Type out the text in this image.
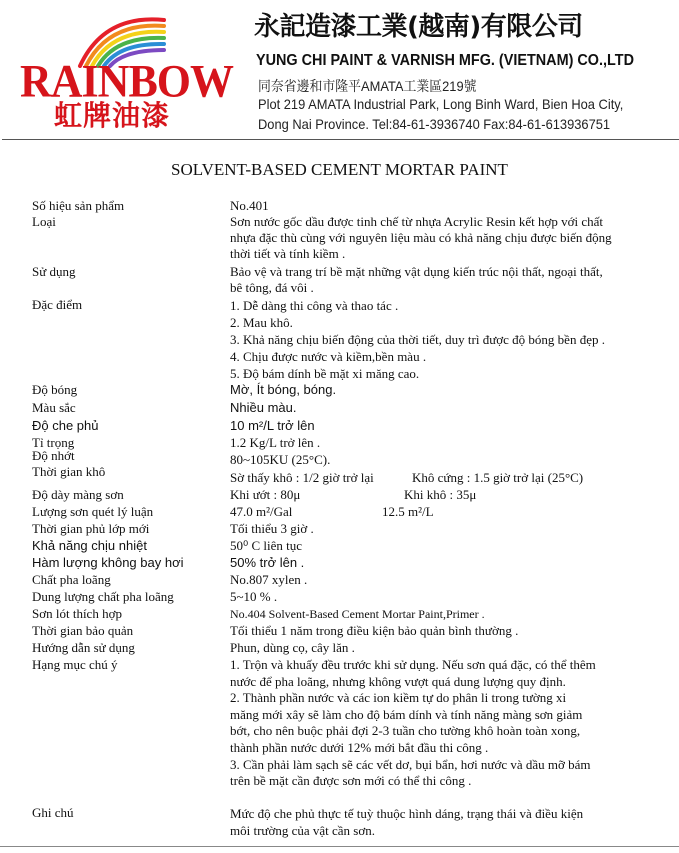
RAINBOW
虹牌油漆
永記造漆工業(越南)有限公司
YUNG CHI PAINT & VARNISH MFG. (VIETNAM) CO.,LTD
同奈省邊和市隆平AMATA工業區219號
Plot 219 AMATA Industrial Park, Long Binh Ward, Bien Hoa City,
Dong Nai Province. Tel:84-61-3936740 Fax:84-61-613936751
SOLVENT-BASED CEMENT MORTAR PAINT
Số hiệu sản phẩm	No.401
Loại	Sơn nước gốc dầu được tinh chế từ nhựa Acrylic Resin kết hợp với chất
nhựa đặc thù cùng với nguyên liệu màu có khả năng chịu được biến động
thời tiết và tính kiềm .
Sử dụng	Bảo vệ và trang trí bề mặt những vật dụng kiến trúc nội thất, ngoại thất,
bê tông, đá vôi .
Đặc điểm	1. Dễ dàng thi công và thao tác .
2. Mau khô.
3. Khả năng chịu biến động của thời tiết, duy trì được độ bóng bền đẹp .
4. Chịu được nước và kiềm,bền màu .
5. Độ bám dính bề mặt xi măng cao.
Độ bóng	Mờ, Ít bóng, bóng.
Màu sắc	Nhiều màu.
Độ che phủ	10 m²/L trở lên
Tỉ trọng	1.2 Kg/L trở lên .
Độ nhớt	80~105KU (25°C).
Thời gian khô	Sờ thấy khô : 1/2 giờ trở lại	Khô cứng : 1.5 giờ trở lại (25°C)
Độ dày màng sơn	Khi ướt : 80μ	Khi khô : 35μ
Lượng sơn quét lý luận	47.0 m²/Gal	12.5 m²/L
Thời gian phủ lớp mới	Tối thiểu 3 giờ .
Khả năng chịu nhiệt	50⁰ C liên tục
Hàm lượng không bay hơi	50% trở lên .
Chất pha loãng	No.807 xylen .
Dung lượng chất pha loãng	5~10 % .
Sơn lót thích hợp	No.404 Solvent-Based Cement Mortar Paint,Primer .
Thời gian bảo quản	Tối thiểu 1 năm trong điều kiện bảo quản bình thường .
Hướng dẫn sử dụng	Phun, dùng cọ, cây lăn .
Hạng mục chú ý	1. Trộn và khuấy đều trước khi sử dụng. Nếu sơn quá đặc, có thể thêm
nước để pha loãng, nhưng không vượt quá dung lượng quy định.
2. Thành phần nước và các ion kiềm tự do phân li trong tường xi
măng mới xây sẽ làm cho độ bám dính và tính năng màng sơn giảm
bớt, cho nên buộc phải đợi 2-3 tuần cho tường khô hoàn toàn xong,
thành phần nước dưới 12% mới bắt đầu thi công .
3. Cần phải làm sạch sẽ các vết dơ, bụi bẩn, hơi nước và dầu mỡ bám
trên bề mặt cần được sơn mới có thể thi công .
Ghi chú	Mức độ che phủ thực tế tuỳ thuộc hình dáng, trạng thái và điều kiện
môi trường của vật cần sơn.
